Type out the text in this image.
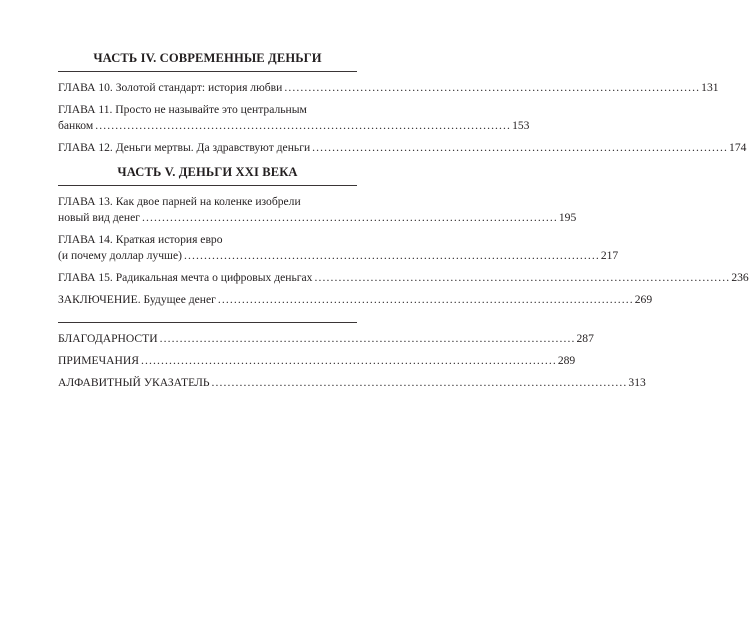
ЧАСТЬ IV. СОВРЕМЕННЫЕ ДЕНЬГИ
ГЛАВА 10. Золотой стандарт: история любви ........................................................................................................ 131
ГЛАВА 11. Просто не называйте это центральным
банком ........................................................................................................ 153
ГЛАВА 12. Деньги мертвы. Да здравствуют деньги ........................................................................................................ 174
ЧАСТЬ V. ДЕНЬГИ XXI ВЕКА
ГЛАВА 13. Как двое парней на коленке изобрели
новый вид денег ........................................................................................................ 195
ГЛАВА 14. Краткая история евро
(и почему доллар лучше) ........................................................................................................ 217
ГЛАВА 15. Радикальная мечта о цифровых деньгах ........................................................................................................ 236
ЗАКЛЮЧЕНИЕ. Будущее денег ........................................................................................................ 269
БЛАГОДАРНОСТИ ........................................................................................................ 287
ПРИМЕЧАНИЯ ........................................................................................................ 289
АЛФАВИТНЫЙ УКАЗАТЕЛЬ ........................................................................................................ 313
